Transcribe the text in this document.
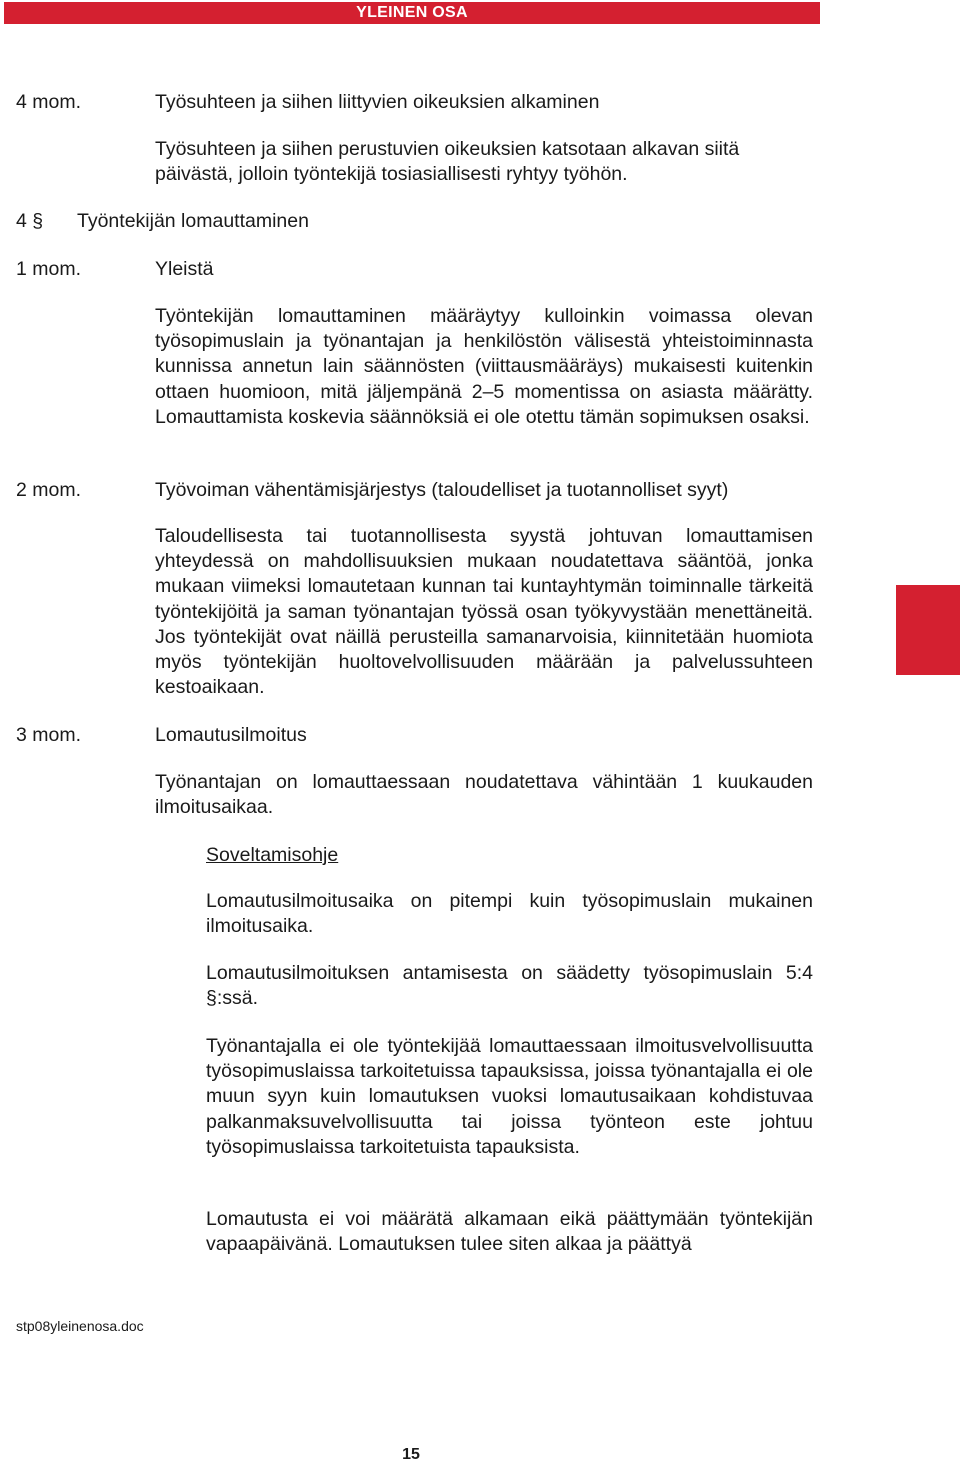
YLEINEN OSA
4 mom.	Työsuhteen ja siihen liittyvien oikeuksien alkaminen
Työsuhteen ja siihen perustuvien oikeuksien katsotaan alkavan siitä päivästä, jolloin työntekijä tosiasiallisesti ryhtyy työhön.
4 § Työntekijän lomauttaminen
1 mom.	Yleistä
Työntekijän lomauttaminen määräytyy kulloinkin voimassa olevan työsopimuslain ja työnantajan ja henkilöstön välisestä yhteistoiminnasta kunnissa annetun lain säännösten (viittausmääräys) mukaisesti kuitenkin ottaen huomioon, mitä jäljempänä 2–5 momentissa on asiasta määrätty. Lomauttamista koskevia säännöksiä ei ole otettu tämän sopimuksen osaksi.
2 mom.	Työvoiman vähentämisjärjestys (taloudelliset ja tuotannolliset syyt)
Taloudellisesta tai tuotannollisesta syystä johtuvan lomauttamisen yhteydessä on mahdollisuuksien mukaan noudatettava sääntöä, jonka mukaan viimeksi lomautetaan kunnan tai kuntayhtymän toiminnalle tärkeitä työntekijöitä ja saman työnantajan työssä osan työkyvystään menettäneitä. Jos työntekijät ovat näillä perusteilla samanarvoisia, kiinnitetään huomiota myös työntekijän huoltovelvollisuuden määrään ja palvelussuhteen kestoaikaan.
3 mom.	Lomautusilmoitus
Työnantajan on lomauttaessaan noudatettava vähintään 1 kuukauden ilmoitusaikaa.
Soveltamisohje
Lomautusilmoitusaika on pitempi kuin työsopimuslain mukainen ilmoitusaika.
Lomautusilmoituksen antamisesta on säädetty työsopimuslain 5:4 §:ssä.
Työnantajalla ei ole työntekijää lomauttaessaan ilmoitusvelvollisuutta työsopimuslaissa tarkoitetuissa tapauksissa, joissa työnantajalla ei ole muun syyn kuin lomautuksen vuoksi lomautusaikaan kohdistuvaa palkanmaksuvelvollisuutta tai joissa työnteon este johtuu työsopimuslaissa tarkoitetuista tapauksista.
Lomautusta ei voi määrätä alkamaan eikä päättymään työntekijän vapaapäivänä. Lomautuksen tulee siten alkaa ja päättyä
stp08yleinenosa.doc
15
